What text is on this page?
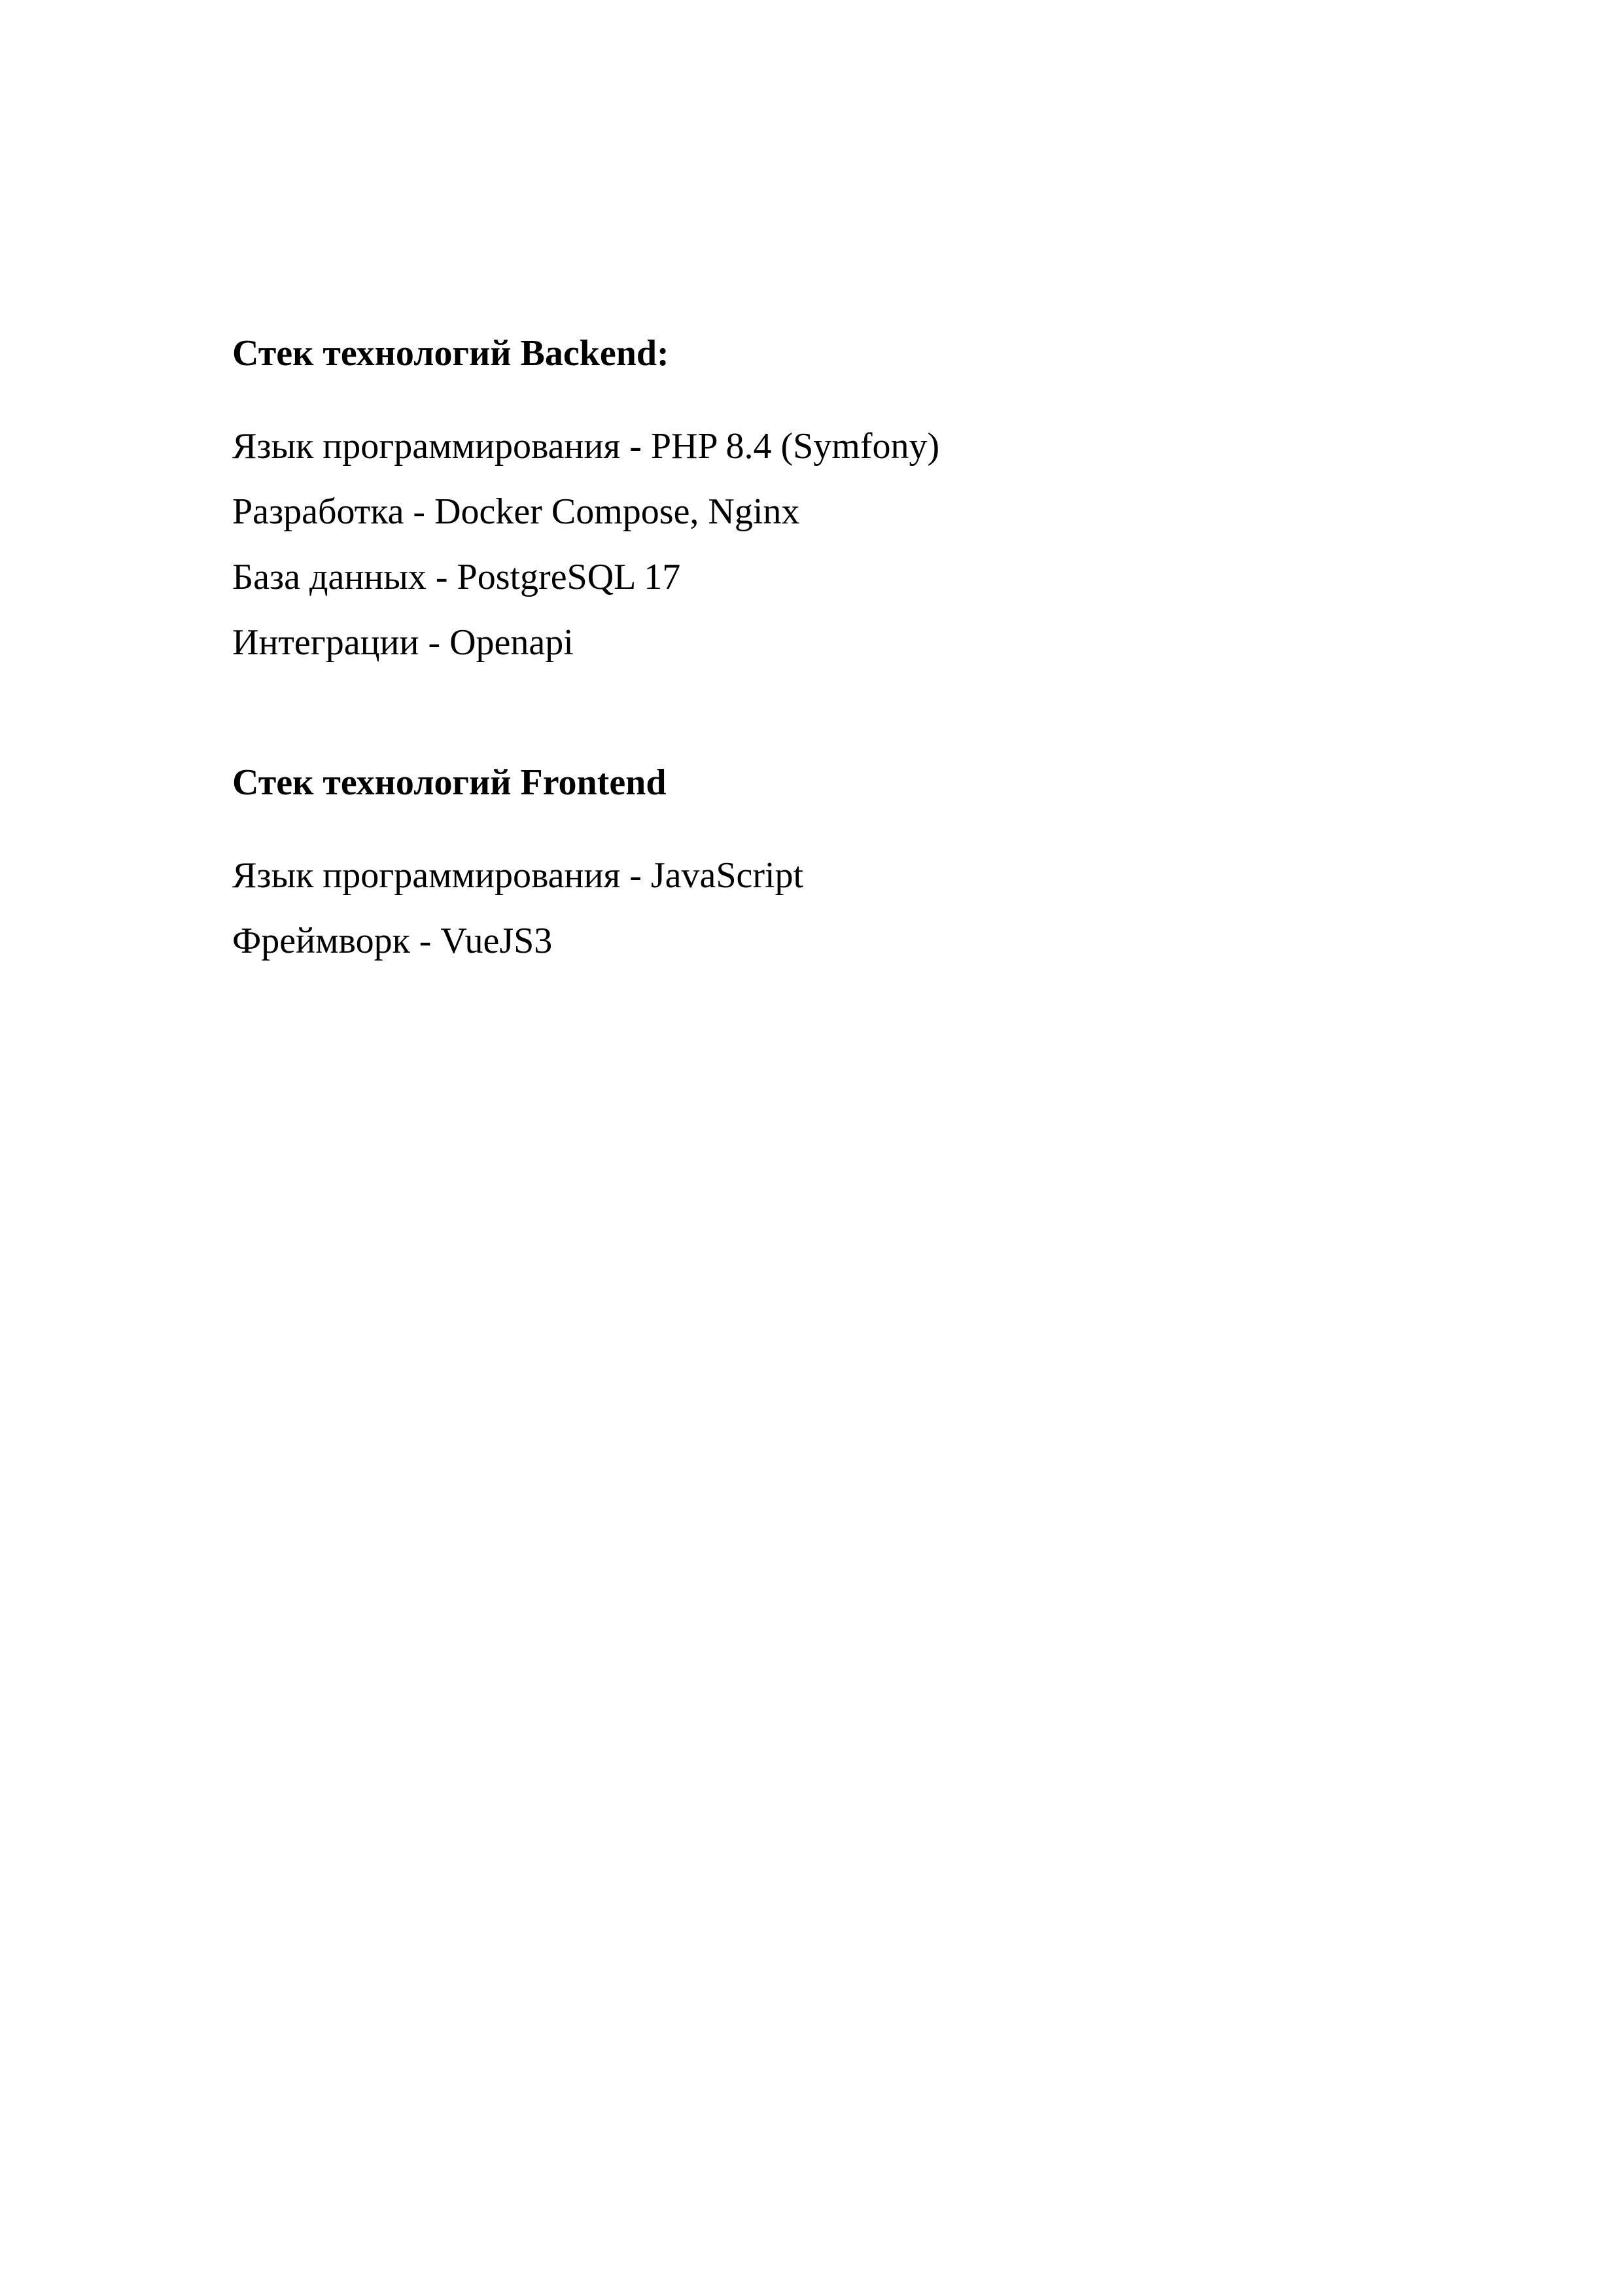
Стек технологий Backend:
Язык программирования - PHP 8.4 (Symfony)
Разработка - Docker Compose, Nginx
База данных - PostgreSQL 17
Интеграции - Openapi
Стек технологий Frontend
Язык программирования - JavaScript
Фреймворк - VueJS3
